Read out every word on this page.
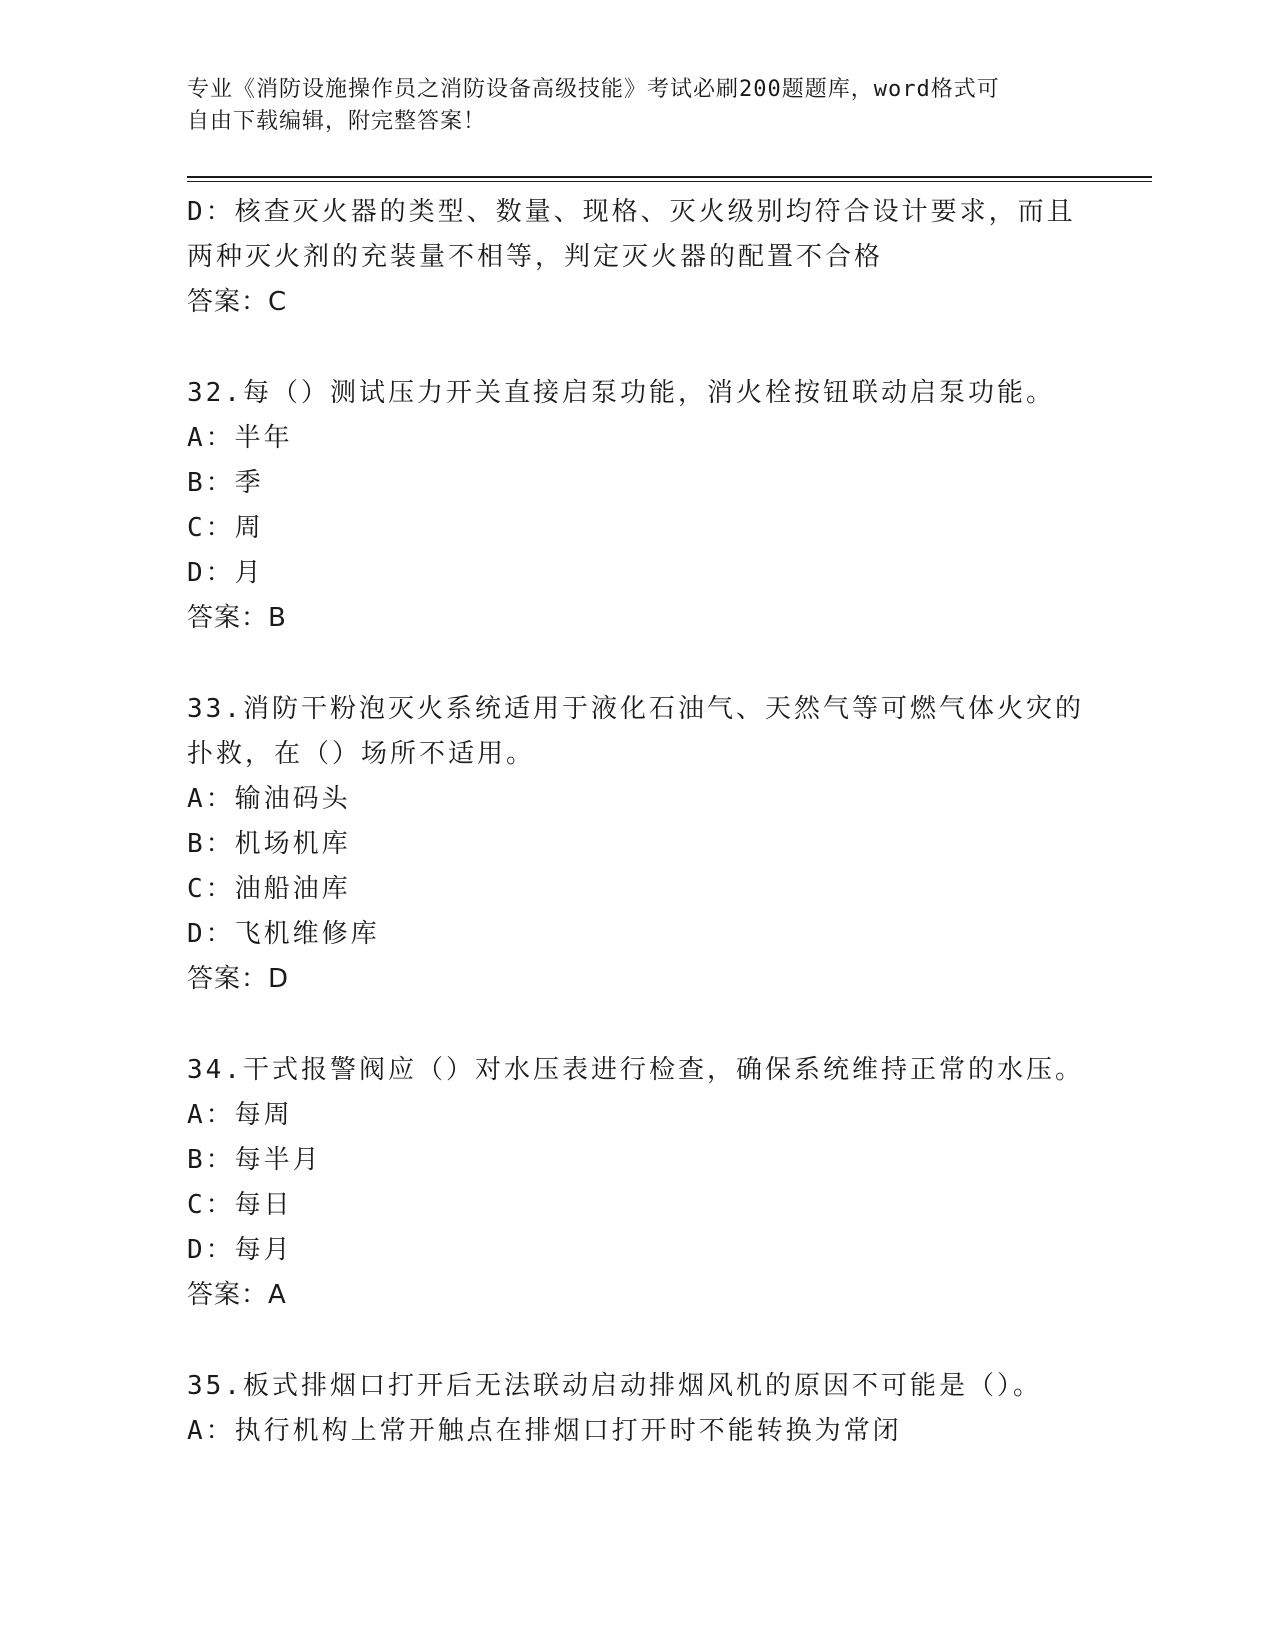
专业《消防设施操作员之消防设备高级技能》考试必刷200题题库，word格式可
自由下载编辑，附完整答案！
D：核查灭火器的类型、数量、现格、灭火级别均符合设计要求，而且
两种灭火剂的充装量不相等，判定灭火器的配置不合格
答案：C
32.每（）测试压力开关直接启泵功能，消火栓按钮联动启泵功能。
A：半年
B：季
C：周
D：月
答案：B
33.消防干粉泡灭火系统适用于液化石油气、天然气等可燃气体火灾的
扑救，在（）场所不适用。
A：输油码头
B：机场机库
C：油船油库
D：飞机维修库
答案：D
34.干式报警阀应（）对水压表进行检查，确保系统维持正常的水压。
A：每周
B：每半月
C：每日
D：每月
答案：A
35.板式排烟口打开后无法联动启动排烟风机的原因不可能是（）。
A：执行机构上常开触点在排烟口打开时不能转换为常闭
